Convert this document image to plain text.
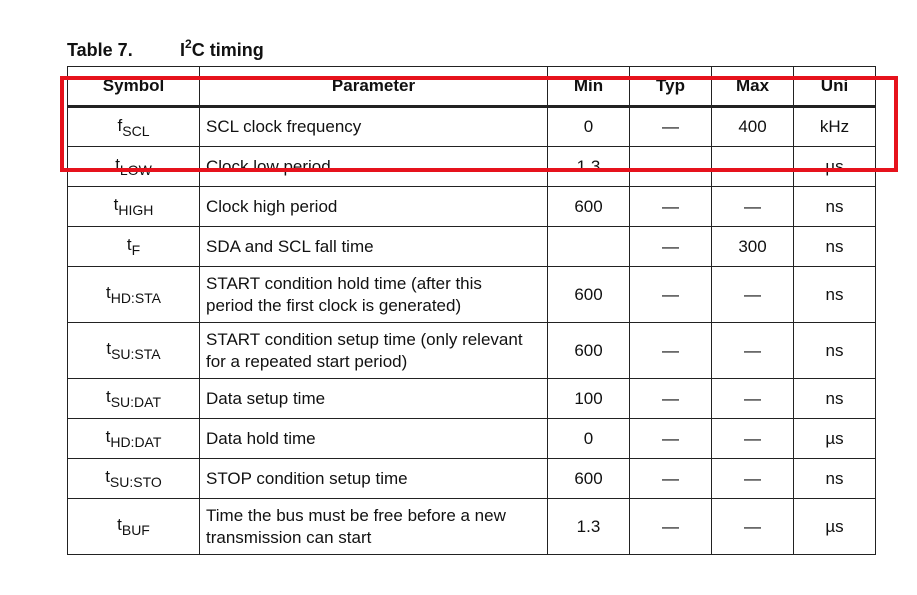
Table 7.	$I^2C$ timing
Symbol	Parameter	Min	Typ	Max	Uni
$f_{SCL}$	SCL clock frequency	0	—	400	kHz
$t_{LOW}$	Clock low period	1.3			µs
$t_{HIGH}$	Clock high period	600	—	—	ns
$t_F$	SDA and SCL fall time		—	300	ns
$t_{HD:STA}$	START condition hold time (after this
period the first clock is generated)	600	—	—	ns
$t_{SU:STA}$	START condition setup time (only relevant
for a repeated start period)	600	—	—	ns
$t_{SU:DAT}$	Data setup time	100	—	—	ns
$t_{HD:DAT}$	Data hold time	0	—	—	µs
$t_{SU:STO}$	STOP condition setup time	600	—	—	ns
$t_{BUF}$	Time the bus must be free before a new
transmission can start	1.3	—	—	µs
